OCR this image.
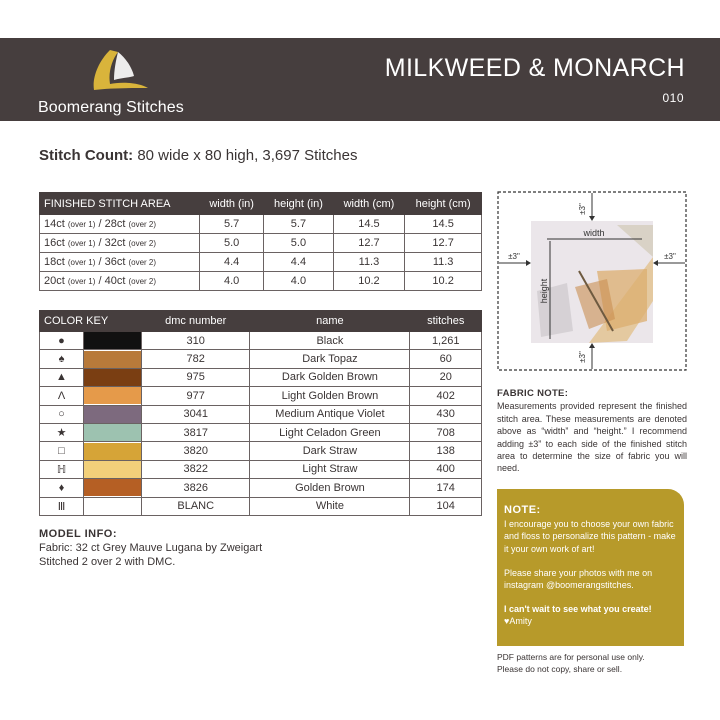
Boomerang Stitches
MILKWEED & MONARCH
010
Stitch Count: 80 wide x 80 high, 3,697 Stitches
FINISHED STITCH AREA	width (in)	height (in)	width (cm)	height (cm)
14ct (over 1) / 28ct (over 2)	5.7	5.7	14.5	14.5
16ct (over 1) / 32ct (over 2)	5.0	5.0	12.7	12.7
18ct (over 1) / 36ct (over 2)	4.4	4.4	11.3	11.3
20ct (over 1) / 40ct (over 2)	4.0	4.0	10.2	10.2
COLOR KEY		dmc number	name	stitches
●		310	Black	1,261
♠		782	Dark Topaz	60
▲		975	Dark Golden Brown	20
Λ		977	Light Golden Brown	402
○		3041	Medium Antique Violet	430
★		3817	Light Celadon Green	708
□		3820	Dark Straw	138
ℍ		3822	Light Straw	400
♦		3826	Golden Brown	174
Ⅲ		BLANC	White	104
MODEL INFO:
Fabric: 32 ct Grey Mauve Lugana by Zweigart
Stitched 2 over 2 with DMC.
width
height
±3"
±3"
±3"	±3"
FABRIC NOTE:
Measurements provided represent the finished stitch area. These measurements are denoted above as “width” and “height.” I recommend adding ±3” to each side of the finished stitch area to determine the size of fabric you will need.
NOTE:
I encourage you to choose your own fabric and floss to personalize this pattern - make it your own work of art!
Please share your photos with me on instagram @boomerangstitches.
I can't wait to see what you create!
♥Amity
PDF patterns are for personal use only.
Please do not copy, share or sell.
